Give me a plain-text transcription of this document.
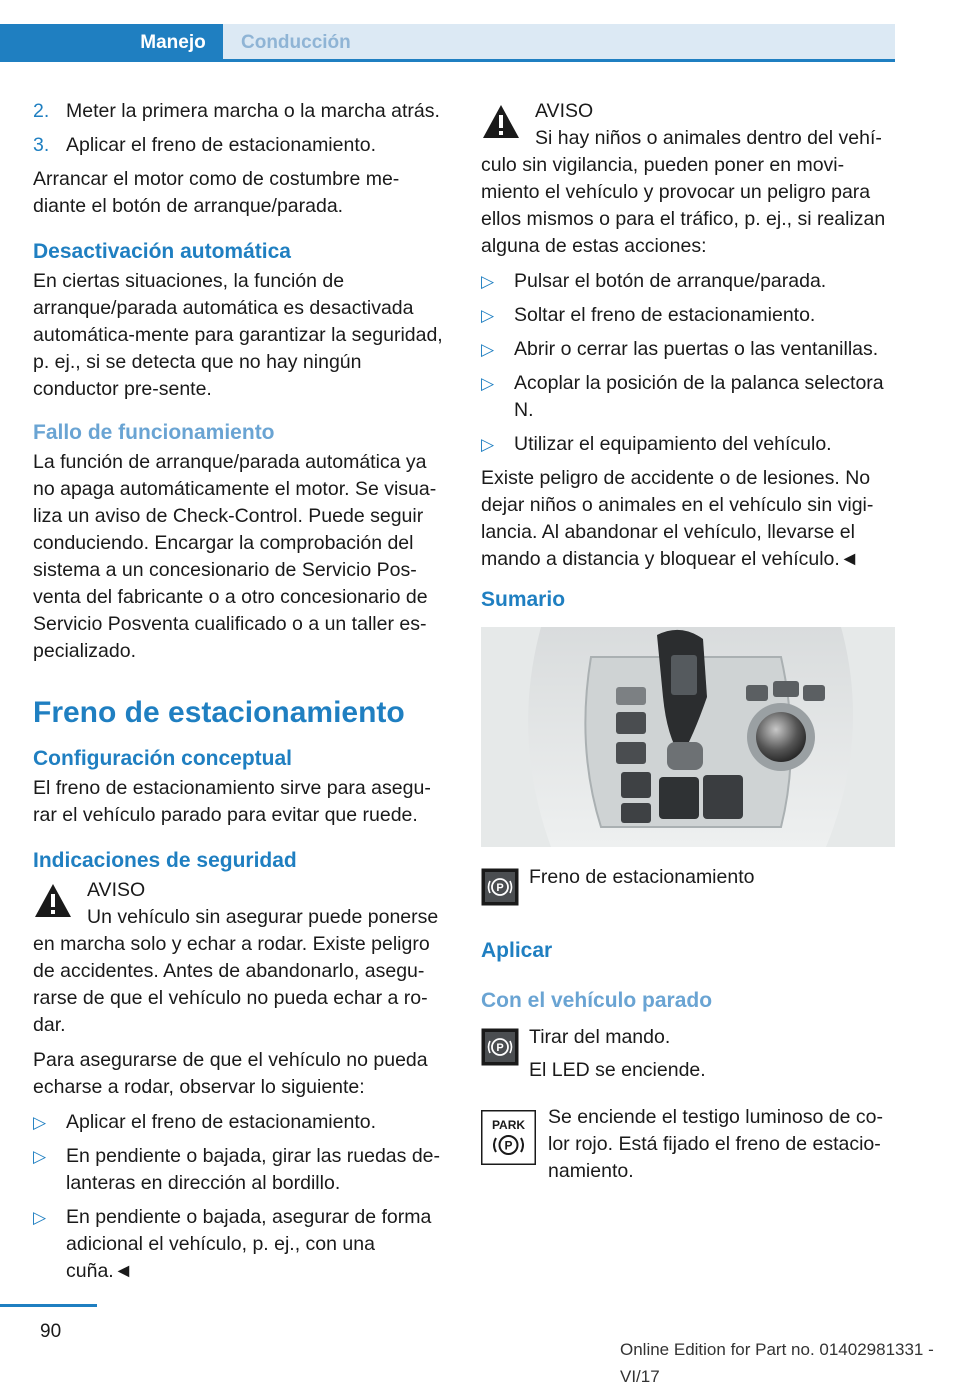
Manejo	Conducción
2. Meter la primera marcha o la marcha atrás.
3. Aplicar el freno de estacionamiento.

Arrancar el motor como de costumbre me-diante el botón de arranque/parada.

Desactivación automática

En ciertas situaciones, la función de arranque/parada automática es desactivada automática-mente para garantizar la seguridad, p. ej., si se detecta que no hay ningún conductor pre-sente.

Fallo de funcionamiento

La función de arranque/parada automática ya no apaga automáticamente el motor. Se visua-liza un aviso de Check-Control. Puede seguir conduciendo. Encargar la comprobación del sistema a un concesionario de Servicio Pos-venta del fabricante o a otro concesionario de Servicio Posventa cualificado o a un taller es-pecializado.

Freno de estacionamiento
Configuración conceptual

El freno de estacionamiento sirve para asegu-rar el vehículo parado para evitar que ruede.

Indicaciones de seguridad
AVISO
Un vehículo sin asegurar puede ponerse en marcha solo y echar a rodar. Existe peligro de accidentes. Antes de abandonarlo, asegu-rarse de que el vehículo no pueda echar a ro-dar.

Para asegurarse de que el vehículo no pueda echarse a rodar, observar lo siguiente:

▷ Aplicar el freno de estacionamiento.
▷ En pendiente o bajada, girar las ruedas de-lanteras en dirección al bordillo.
▷ En pendiente o bajada, asegurar de forma adicional el vehículo, p. ej., con una cuña.◄
AVISO
Si hay niños o animales dentro del vehí-culo sin vigilancia, pueden poner en movi-miento el vehículo y provocar un peligro para ellos mismos o para el tráfico, p. ej., si realizan alguna de estas acciones:
▷ Pulsar el botón de arranque/parada.
▷ Soltar el freno de estacionamiento.
▷ Abrir o cerrar las puertas o las ventanillas.
▷ Acoplar la posición de la palanca selectora N.
▷ Utilizar el equipamiento del vehículo.

Existe peligro de accidente o de lesiones. No dejar niños o animales en el vehículo sin vigi-lancia. Al abandonar el vehículo, llevarse el mando a distancia y bloquear el vehículo.◄

Sumario
P Freno de estacionamiento
Aplicar
Con el vehículo parado
P Tirar del mando.
El LED se enciende.
PARK
P
Se enciende el testigo luminoso de co-lor rojo. Está fijado el freno de estacio-namiento.
90
Online Edition for Part no. 01402981331 - VI/17
